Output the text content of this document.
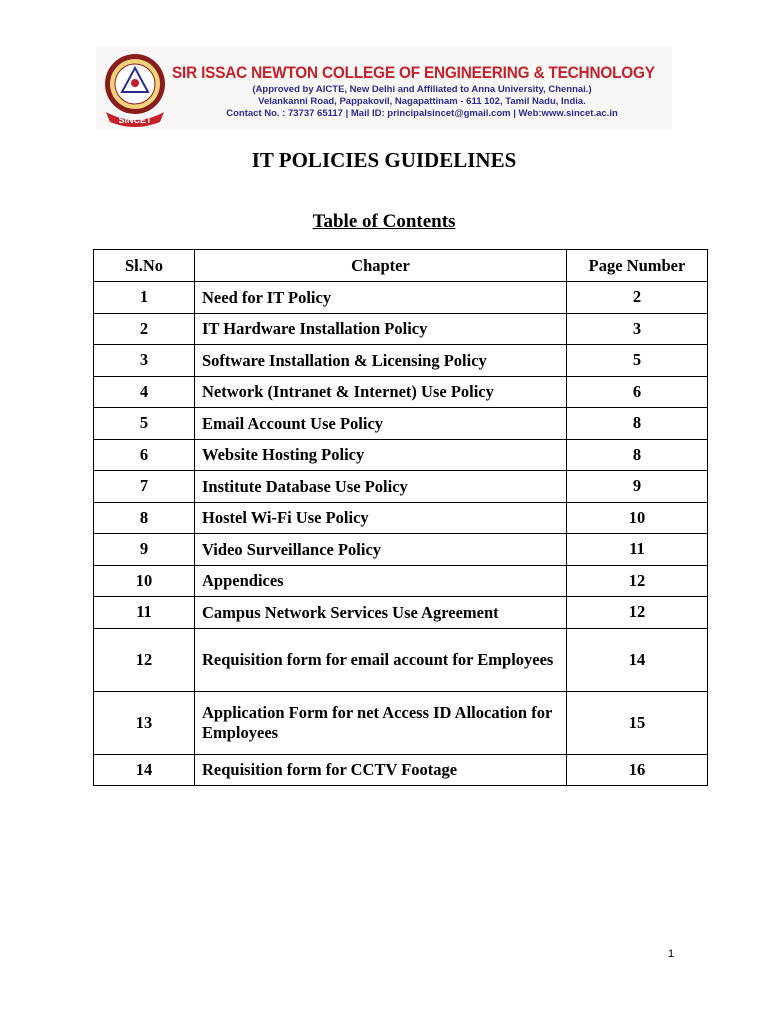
SINCET
SIR ISSAC NEWTON COLLEGE OF ENGINEERING & TECHNOLOGY
(Approved by AICTE, New Delhi and Affiliated to Anna University, Chennai.)
Velankanni Road, Pappakovil, Nagapattinam - 611 102, Tamil Nadu, India.
Contact No. : 73737 65117 | Mail ID: principalsincet@gmail.com | Web:www.sincet.ac.in
IT POLICIES GUIDELINES
Table of Contents
Sl.No	Chapter	Page Number
1	Need for IT Policy	2
2	IT Hardware Installation Policy	3
3	Software Installation & Licensing Policy	5
4	Network (Intranet & Internet) Use Policy	6
5	Email Account Use Policy	8
6	Website Hosting Policy	8
7	Institute Database Use Policy	9
8	Hostel Wi-Fi Use Policy	10
9	Video Surveillance Policy	11
10	Appendices	12
11	Campus Network Services Use Agreement	12
12	Requisition form for email account for Employees	14
13	Application Form for net Access ID Allocation for Employees	15
14	Requisition form for CCTV Footage	16
1
